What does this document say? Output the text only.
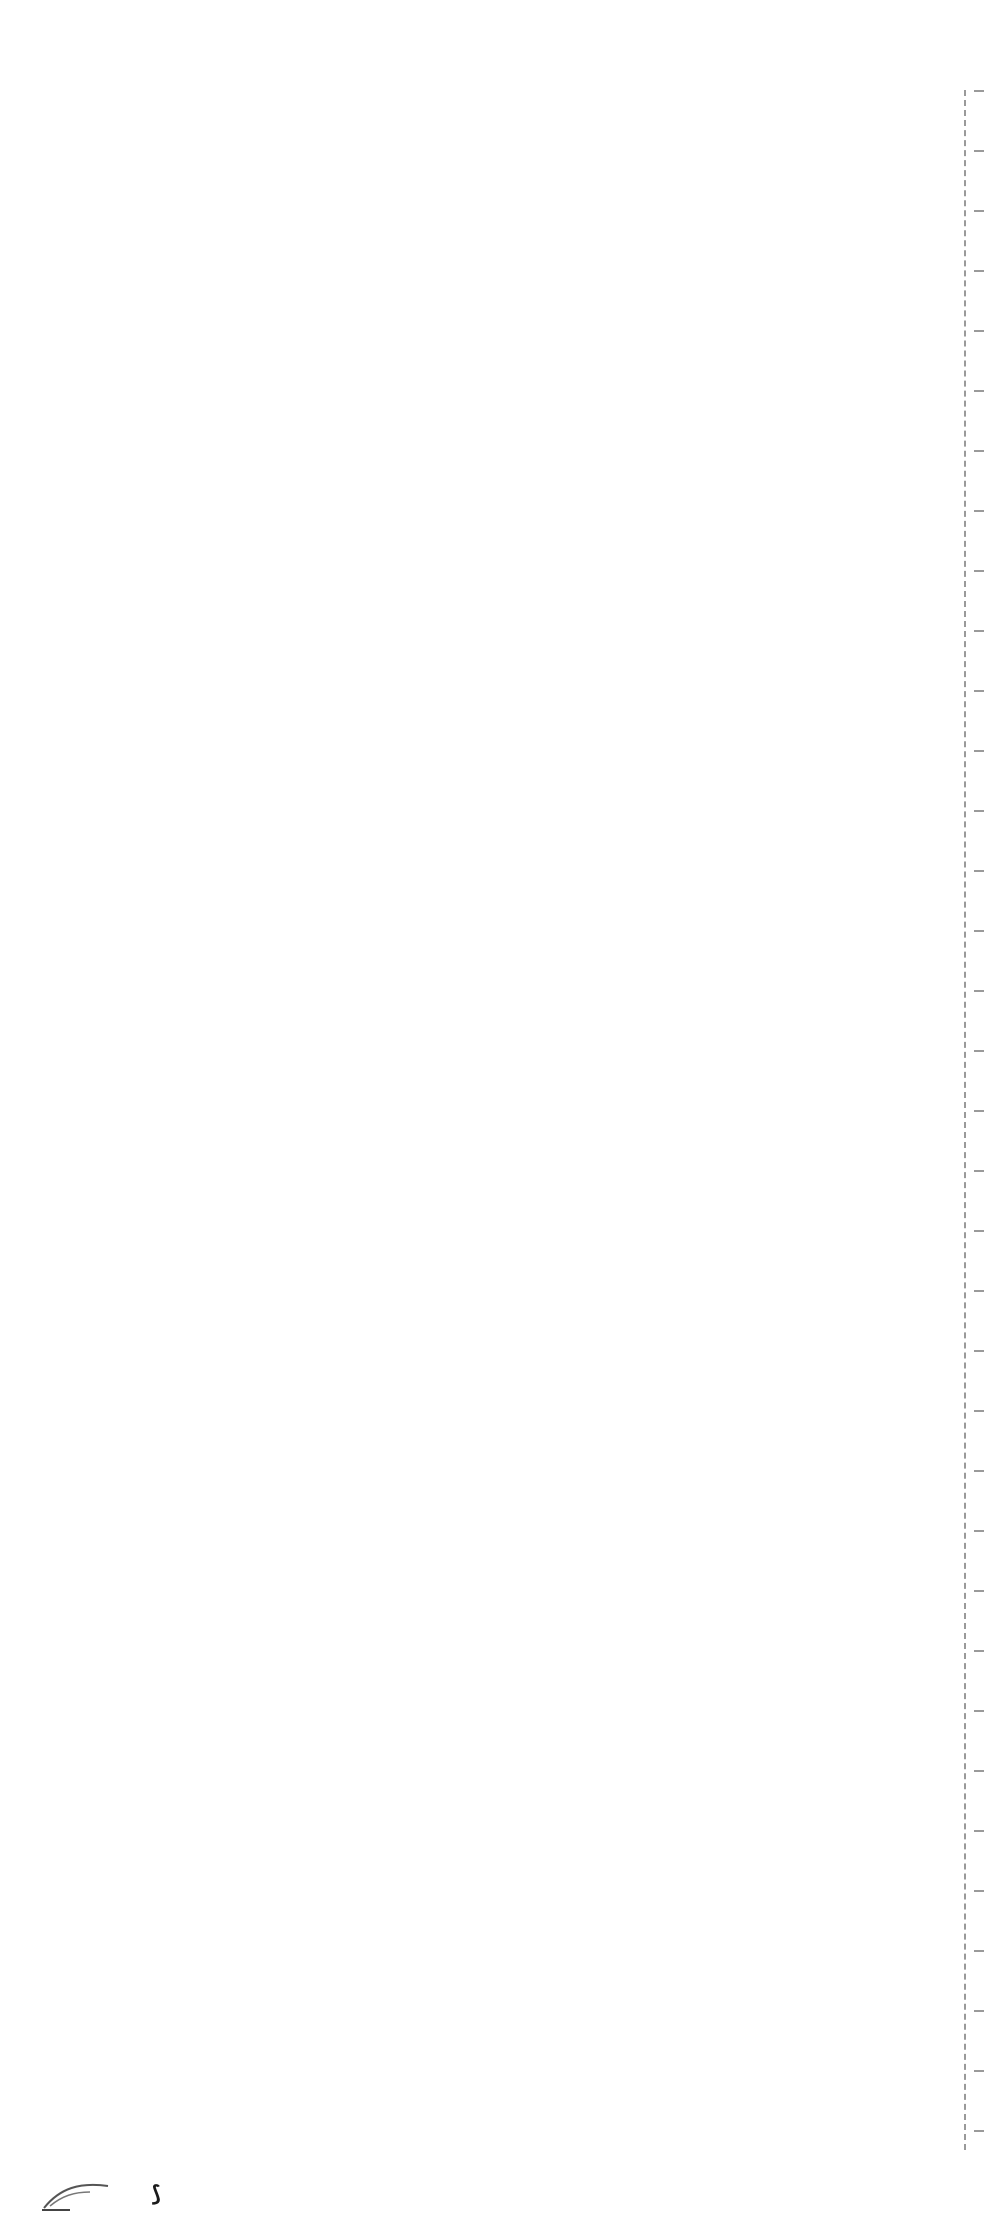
⟆
